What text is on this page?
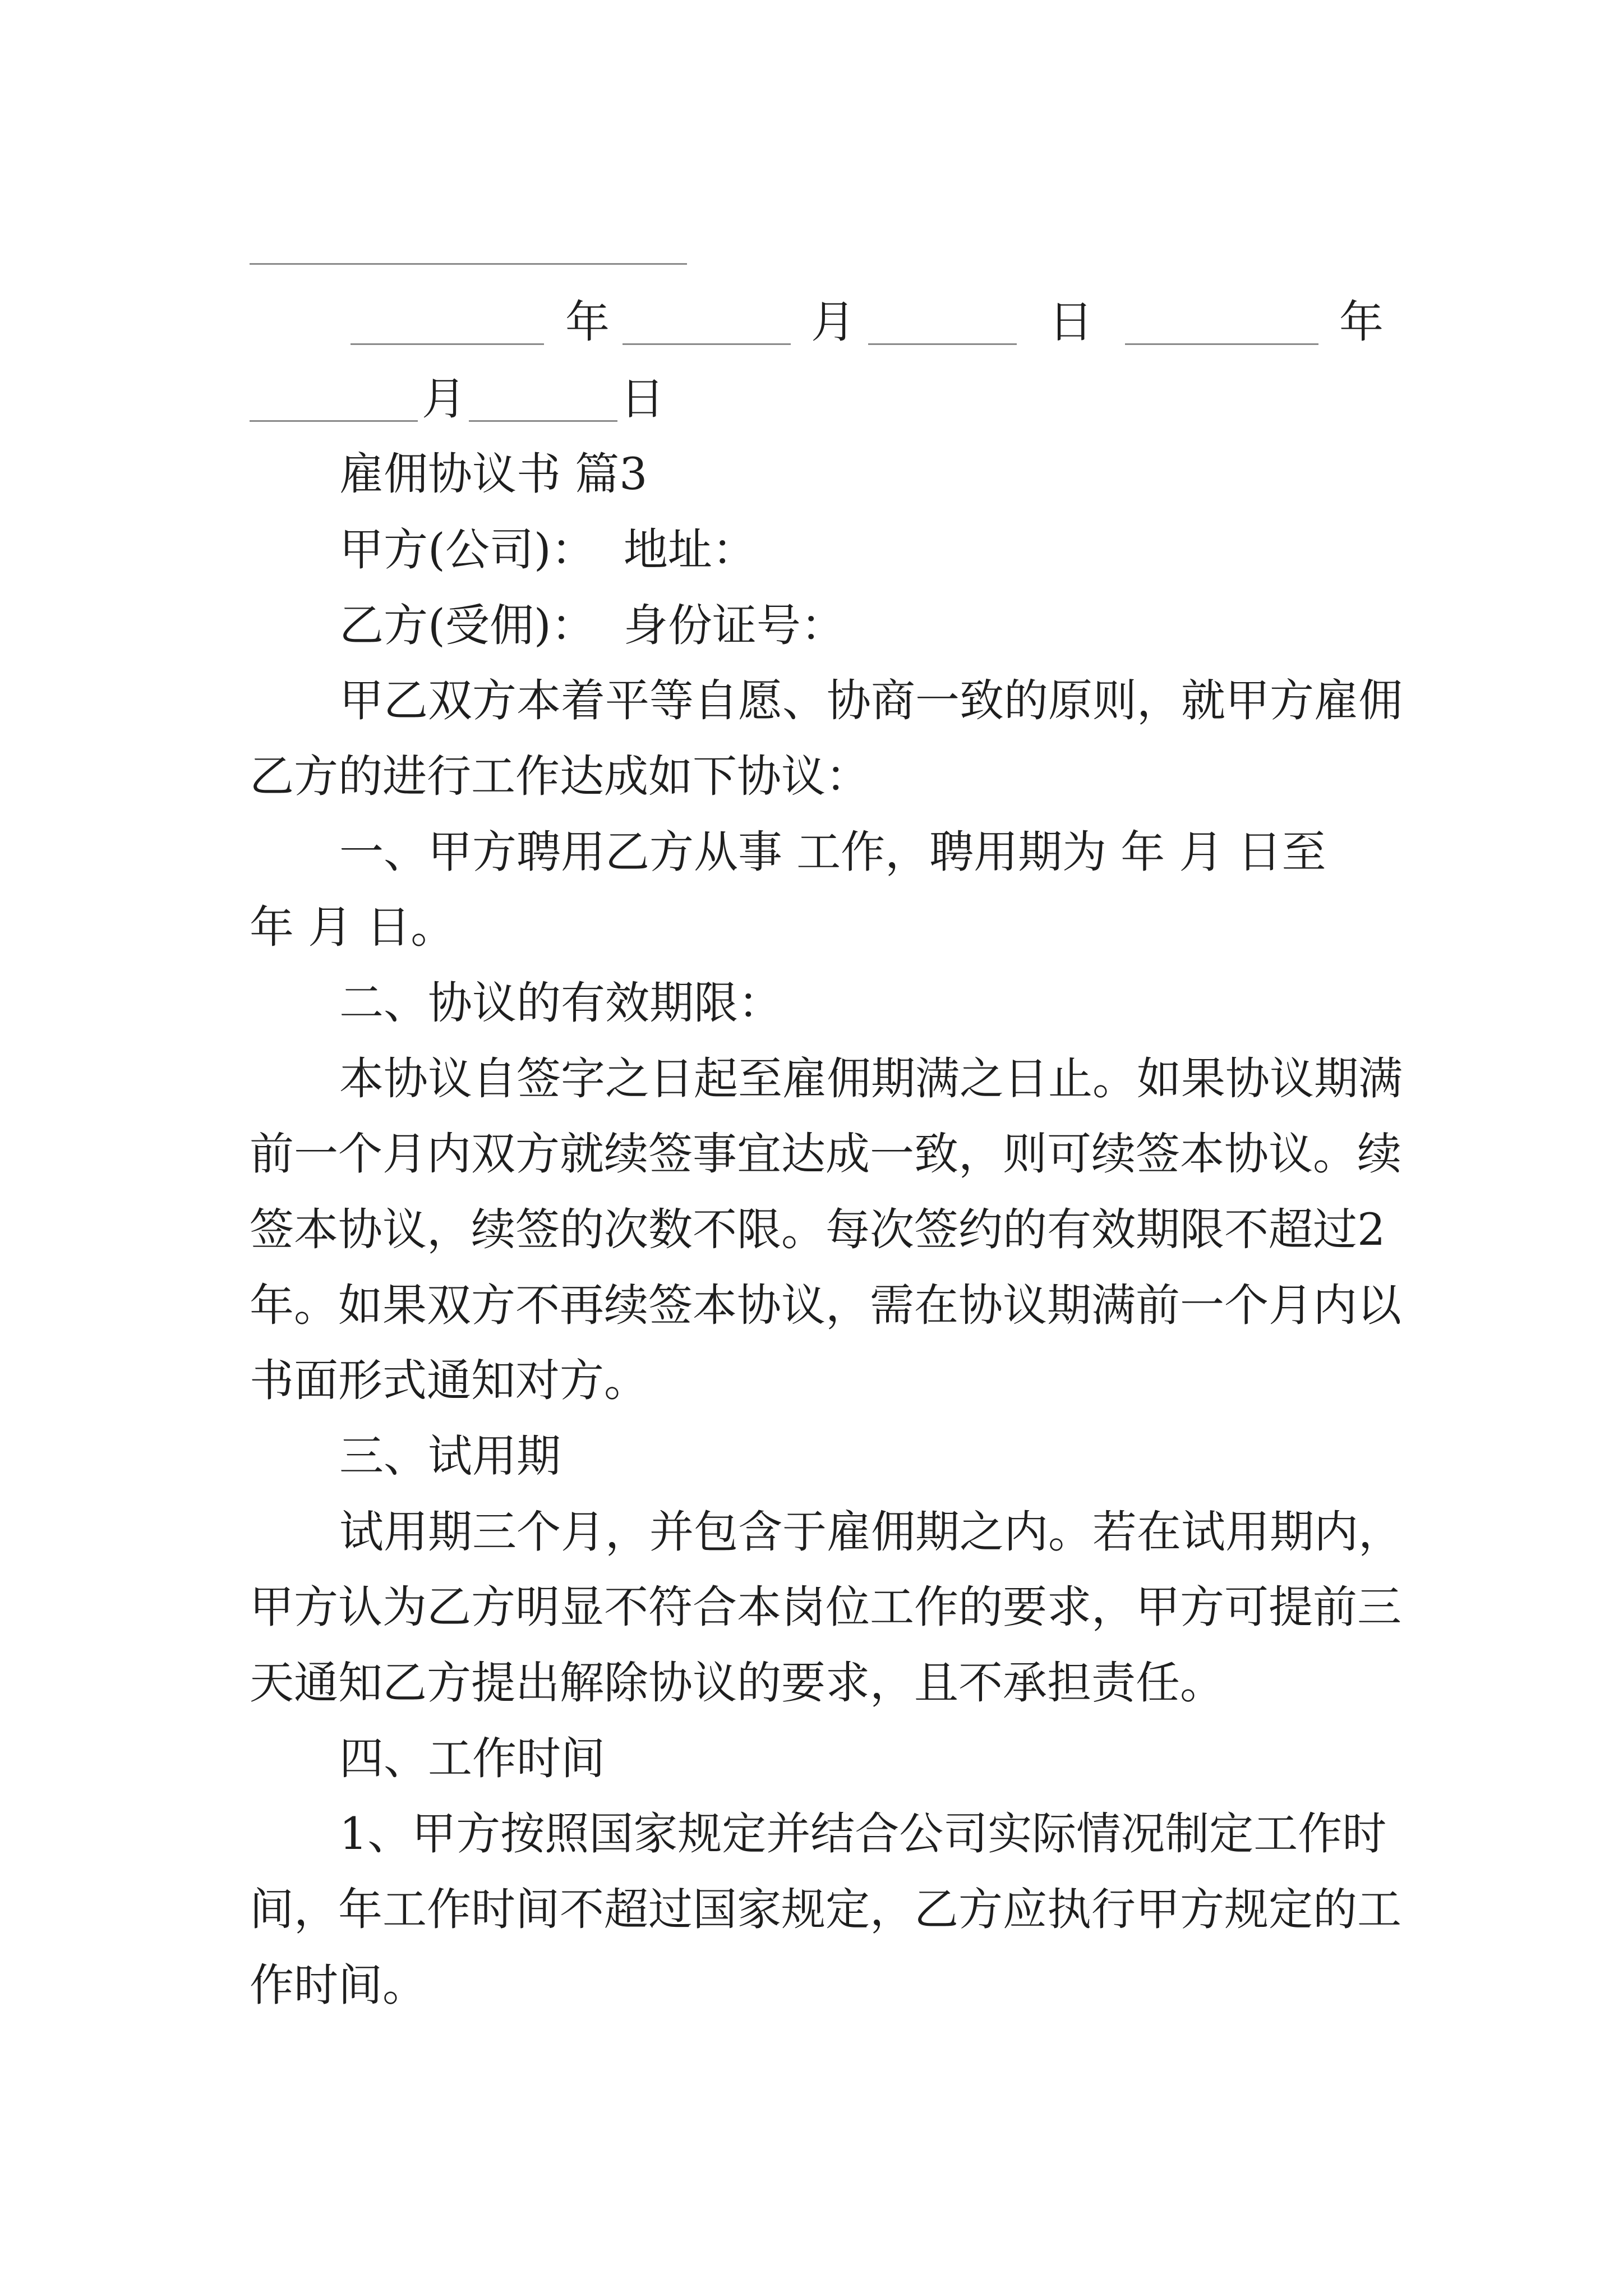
年

	月

	日

	年

月

	日

雇佣协议书 篇3
甲方(公司)：  地址：
乙方(受佣)：  身份证号：
甲乙双方本着平等自愿、协商一致的原则，就甲方雇佣
乙方的进行工作达成如下协议：
一、甲方聘用乙方从事 工作，聘用期为 年 月 日至
年 月 日。
二、协议的有效期限：
本协议自签字之日起至雇佣期满之日止。如果协议期满
前一个月内双方就续签事宜达成一致，则可续签本协议。续
签本协议，续签的次数不限。每次签约的有效期限不超过2
年。如果双方不再续签本协议，需在协议期满前一个月内以
书面形式通知对方。
三、试用期
试用期三个月，并包含于雇佣期之内。若在试用期内，
甲方认为乙方明显不符合本岗位工作的要求，甲方可提前三
天通知乙方提出解除协议的要求，且不承担责任。
四、工作时间
1、甲方按照国家规定并结合公司实际情况制定工作时
间，年工作时间不超过国家规定，乙方应执行甲方规定的工
作时间。
